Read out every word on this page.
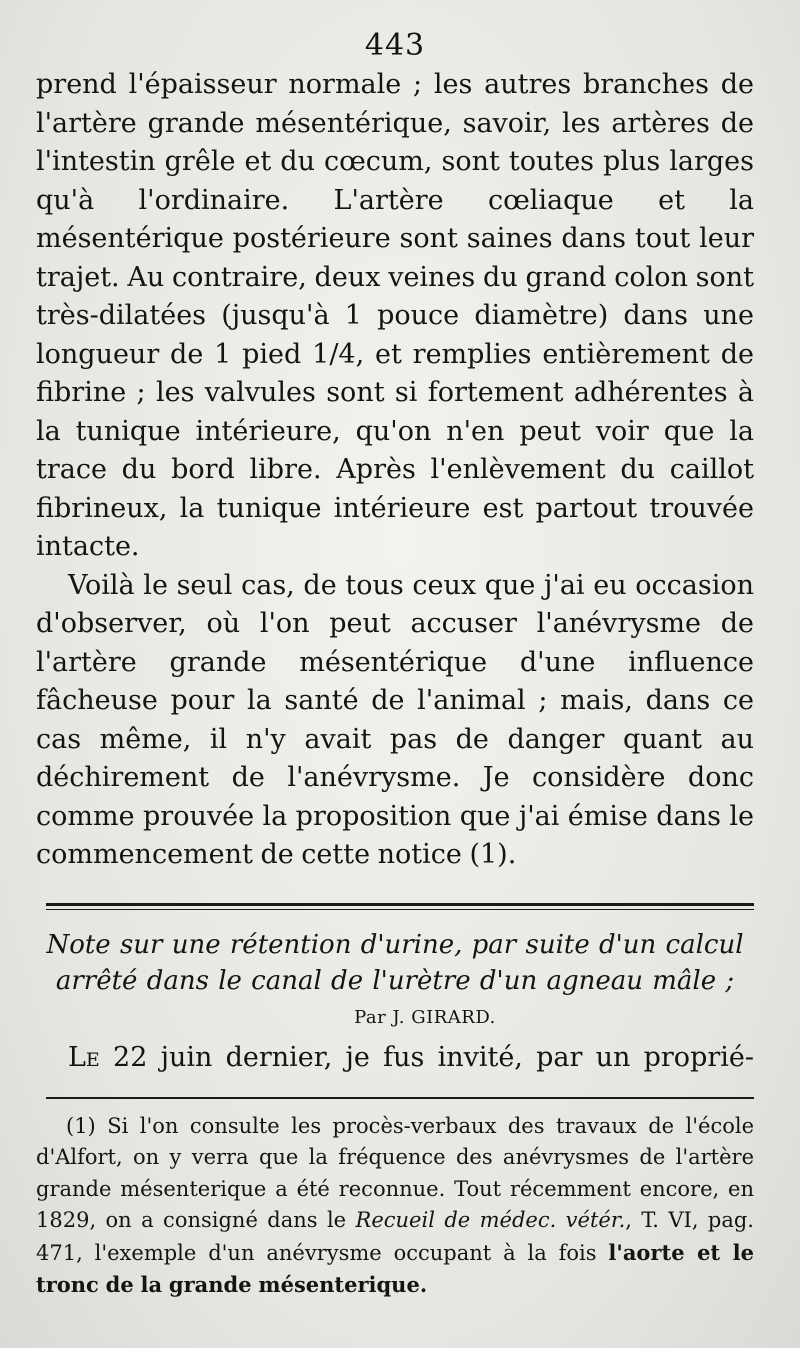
443

prend l'épaisseur normale ; les autres branches de l'artère grande mésentérique, savoir, les artères de l'intestin grêle et du cœcum, sont toutes plus larges qu'à l'ordinaire. L'artère cœliaque et la mésentérique postérieure sont saines dans tout leur trajet. Au contraire, deux veines du grand colon sont très-dilatées (jusqu'à 1 pouce diamètre) dans une longueur de 1 pied 1/4, et remplies entièrement de fibrine ; les valvules sont si fortement adhérentes à la tunique intérieure, qu'on n'en peut voir que la trace du bord libre. Après l'enlèvement du caillot fibrineux, la tunique intérieure est partout trouvée intacte.

Voilà le seul cas, de tous ceux que j'ai eu occasion d'observer, où l'on peut accuser l'anévrysme de l'artère grande mésentérique d'une influence fâcheuse pour la santé de l'animal ; mais, dans ce cas même, il n'y avait pas de danger quant au déchirement de l'anévrysme. Je considère donc comme prouvée la proposition que j'ai émise dans le commencement de cette notice (1).

Note sur une rétention d'urine, par suite d'un calcul arrêté dans le canal de l'urètre d'un agneau mâle ;
Par J. GIRARD.

Le 22 juin dernier, je fus invité, par un proprié-

(1) Si l'on consulte les procès-verbaux des travaux de l'école d'Alfort, on y verra que la fréquence des anévrysmes de l'artère grande mésenterique a été reconnue. Tout récemment encore, en 1829, on a consigné dans le Recueil de médec. vétér., T. VI, pag. 471, l'exemple d'un anévrysme occupant à la fois l'aorte et le tronc de la grande mésenterique.
